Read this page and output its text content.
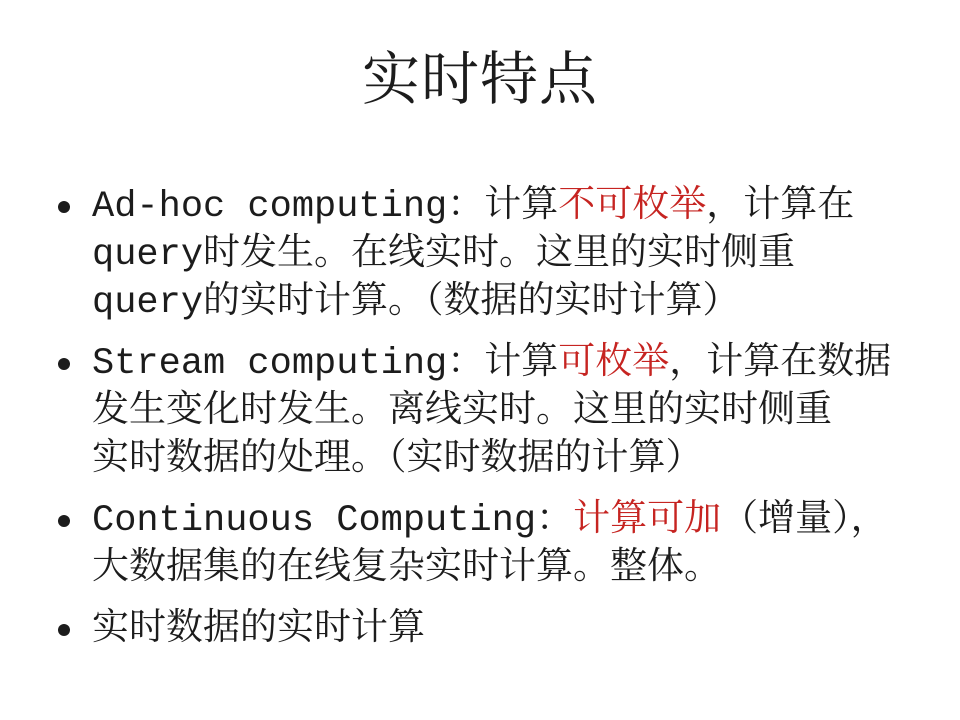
实时特点
Ad-hoc computing：计算不可枚举，计算在
query时发生。在线实时。这里的实时侧重
query的实时计算。（数据的实时计算）
Stream computing：计算可枚举，计算在数据
发生变化时发生。离线实时。这里的实时侧重
实时数据的处理。（实时数据的计算）
Continuous Computing：计算可加（增量），
大数据集的在线复杂实时计算。整体。
实时数据的实时计算
